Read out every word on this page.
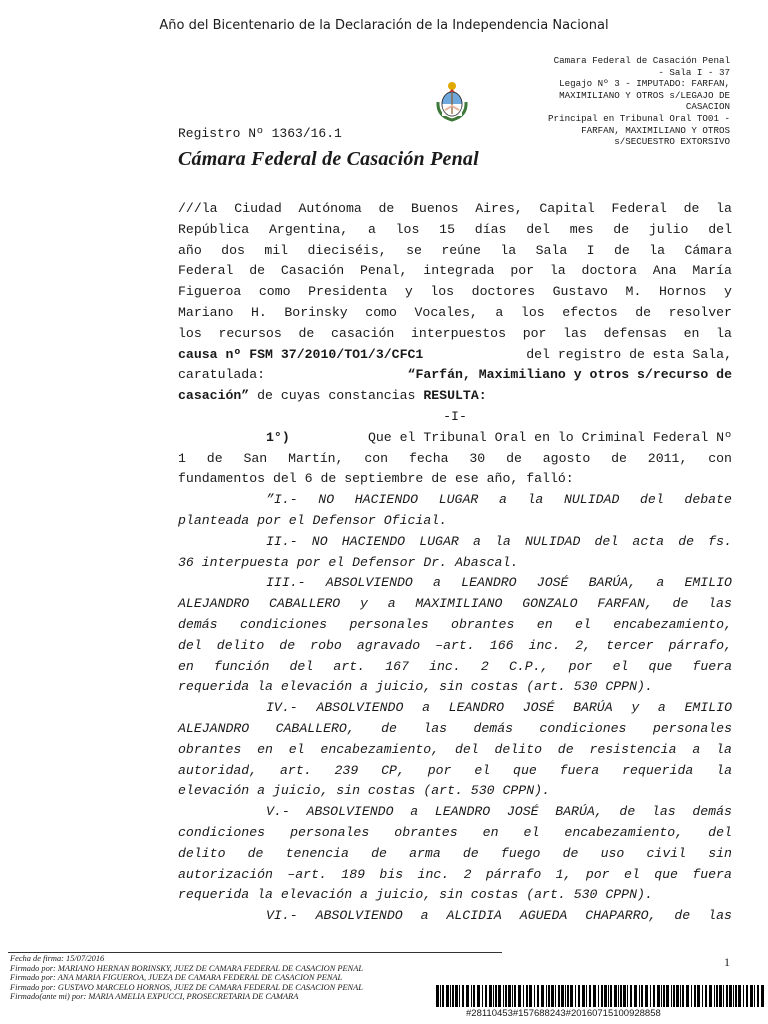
Año del Bicentenario de la Declaración de la Independencia Nacional
Camara Federal de Casación Penal
- Sala I - 37
Legajo Nº 3 - IMPUTADO: FARFAN,
MAXIMILIANO Y OTROS s/LEGAJO DE
CASACION
Principal en Tribunal Oral TO01 -
FARFAN, MAXIMILIANO Y OTROS
s/SECUESTRO EXTORSIVO
Registro Nº 1363/16.1
Cámara Federal de Casación Penal
///la Ciudad Autónoma de Buenos Aires, Capital Federal de la
República Argentina, a los 15 días del mes de julio del
año dos mil dieciséis, se reúne la Sala I de la Cámara
Federal de Casación Penal, integrada por la doctora Ana María
Figueroa como Presidenta y los doctores Gustavo M. Hornos y
Mariano H. Borinsky como Vocales, a los efectos de resolver
los recursos de casación interpuestos por las defensas en la
causa nº FSM 37/2010/TO1/3/CFC1	del registro de esta Sala,
caratulada:	“Farfán, Maximiliano y otros s/recurso de
casación” de cuyas constancias RESULTA:
-I-
1°)	Que el Tribunal Oral en lo Criminal Federal Nº
1 de San Martín, con fecha 30 de agosto de 2011, con
fundamentos del 6 de septiembre de ese año, falló:
”I.- NO HACIENDO LUGAR a la NULIDAD del debate
planteada por el Defensor Oficial.
II.- NO HACIENDO LUGAR a la NULIDAD del acta de fs.
36 interpuesta por el Defensor Dr. Abascal.
III.- ABSOLVIENDO a LEANDRO JOSÉ BARÚA, a EMILIO
ALEJANDRO CABALLERO y a MAXIMILIANO GONZALO FARFAN, de las
demás condiciones personales obrantes en el encabezamiento,
del delito de robo agravado –art. 166 inc. 2, tercer párrafo,
en función del art. 167 inc. 2 C.P., por el que fuera
requerida la elevación a juicio, sin costas (art. 530 CPPN).
IV.- ABSOLVIENDO a LEANDRO JOSÉ BARÚA y a EMILIO
ALEJANDRO CABALLERO, de las demás condiciones personales
obrantes en el encabezamiento, del delito de resistencia a la
autoridad, art. 239 CP, por el que fuera requerida la
elevación a juicio, sin costas (art. 530 CPPN).
V.- ABSOLVIENDO a LEANDRO JOSÉ BARÚA, de las demás
condiciones personales obrantes en el encabezamiento, del
delito de tenencia de arma de fuego de uso civil sin
autorización –art. 189 bis inc. 2 párrafo 1, por el que fuera
requerida la elevación a juicio, sin costas (art. 530 CPPN).
VI.- ABSOLVIENDO a ALCIDIA AGUEDA CHAPARRO, de las
Fecha de firma: 15/07/2016
Firmado por: MARIANO HERNAN BORINSKY, JUEZ DE CAMARA FEDERAL DE CASACION PENAL
Firmado por: ANA MARIA FIGUEROA, JUEZA DE CAMARA FEDERAL DE CASACION PENAL
Firmado por: GUSTAVO MARCELO HORNOS, JUEZ DE CAMARA FEDERAL DE CASACION PENAL
Firmado(ante mi) por: MARIA AMELIA EXPUCCI, PROSECRETARIA DE CAMARA
1
#28110453#157688243#20160715100928858
